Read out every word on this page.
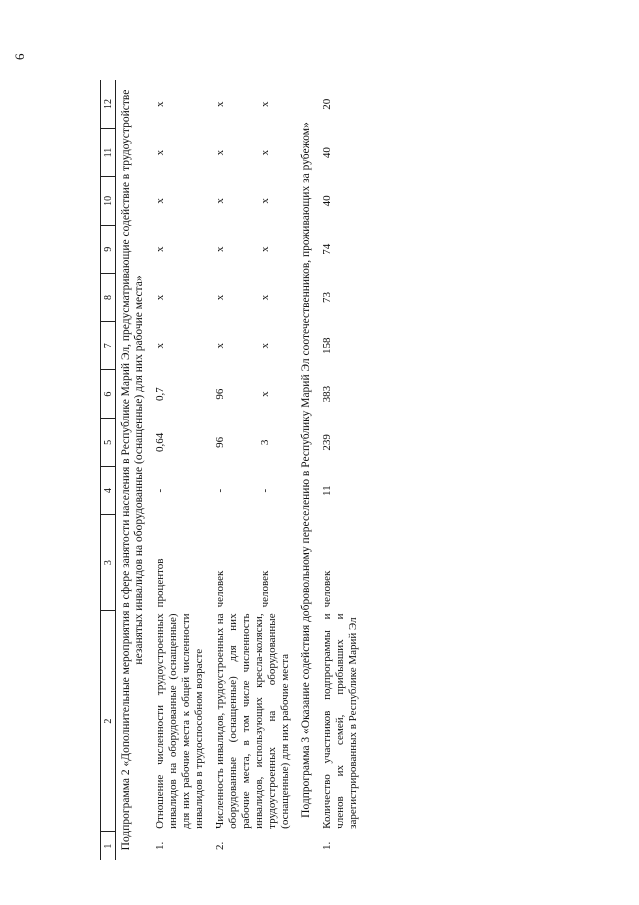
6
1	2	3	4	5	6	7	8	9	10	11	12
Подпрограмма 2 «Дополнительные мероприятия в сфере занятости населения в Республике Марий Эл, предусматривающие содействие в трудоустройстве незанятых инвалидов на оборудованные (оснащенные) для них рабочие места»											
1.	Отношение численности трудоустроенных инвалидов на оборудованные (оснащенные) для них рабочие места к общей численности инвалидов в трудоспособном возрасте	процентов	-	0,64	0,7	x	x	x	x	x	x
2.	Численность инвалидов, трудоустроенных на оборудованные (оснащенные) для них рабочие места, в том числе численность инвалидов, использующих кресла-коляски, трудоустроенных на оборудованные (оснащенные) для них рабочие места	человек	-	96	96	x	x	x	x	x	x
		человек	-	3	x	x	x	x	x	x	x
Подпрограмма 3 «Оказание содействия добровольному переселению в Республику Марий Эл соотечественников, проживающих за рубежом»											
1.	Количество участников подпрограммы и членов их семей, прибывших и зарегистрированных в Республике Марий Эл	человек	11	239	383	158	73	74	40	40	20
